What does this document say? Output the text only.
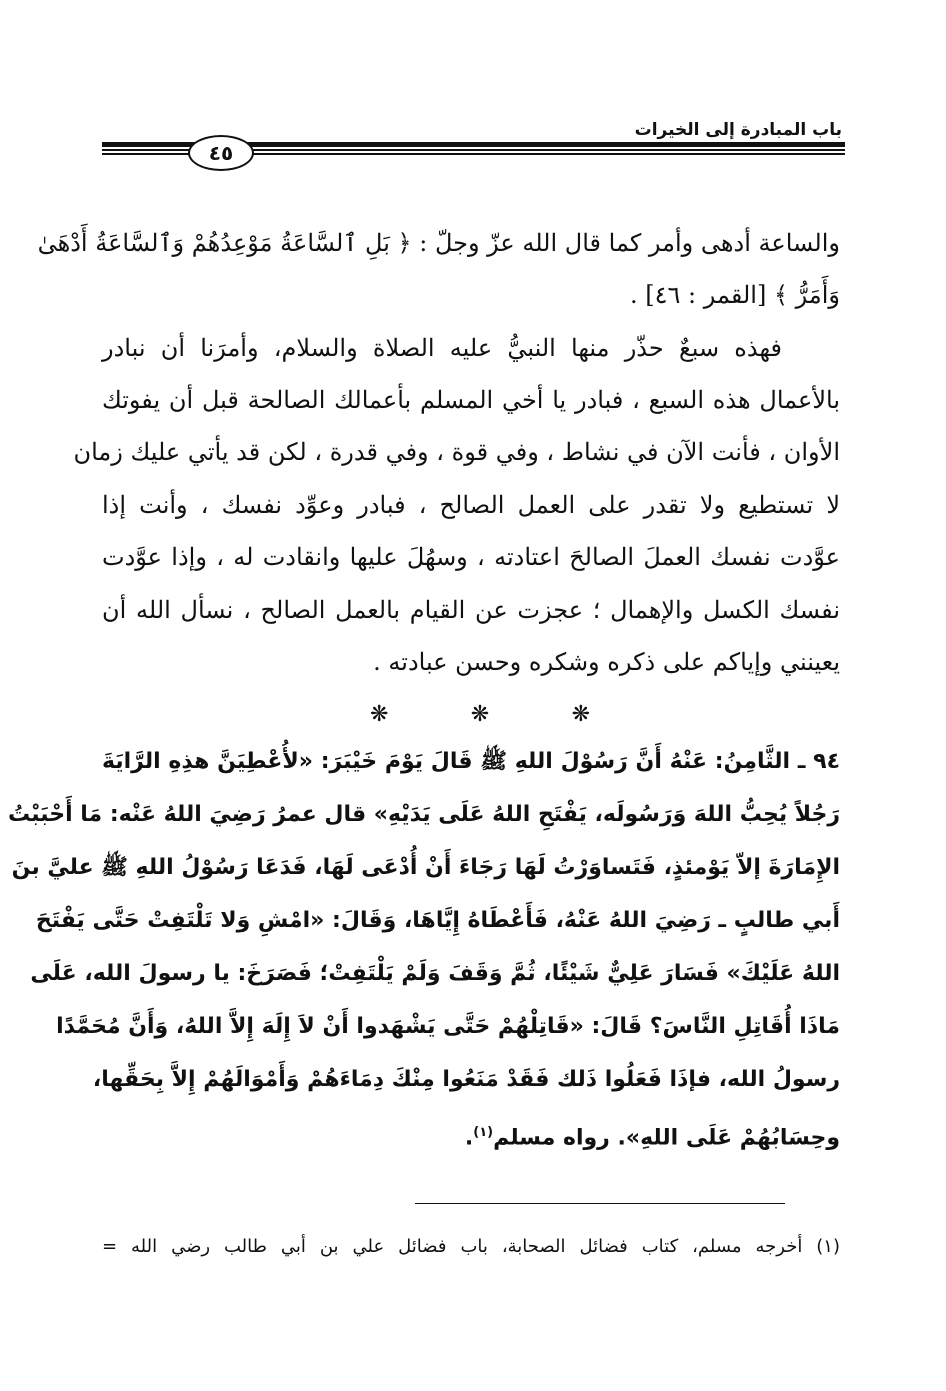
باب المبادرة إلى الخيرات
٤٥
والساعة أدهى وأمر كما قال الله عزّ وجلّ : ﴿ بَلِ ٱلسَّاعَةُ مَوْعِدُهُمْ وَٱلسَّاعَةُ أَدْهَىٰ
وَأَمَرُّ ﴾ [القمر : ٤٦] .
فهذه سبعٌ حذّر منها النبيُّ عليه الصلاة والسلام، وأمرَنا أن نبادر
بالأعمال هذه السبع ، فبادر يا أخي المسلم بأعمالك الصالحة قبل أن يفوتك
الأوان ، فأنت الآن في نشاط ، وفي قوة ، وفي قدرة ، لكن قد يأتي عليك زمان
لا تستطيع ولا تقدر على العمل الصالح ، فبادر وعوِّد نفسك ، وأنت إذا
عوَّدت نفسك العملَ الصالحَ اعتادته ، وسهُلَ عليها وانقادت له ، وإذا عوَّدت
نفسك الكسل والإهمال ؛ عجزت عن القيام بالعمل الصالح ، نسأل الله أن
يعينني وإياكم على ذكره وشكره وحسن عبادته .
❋	❋	❋
٩٤ ـ الثَّامِنُ: عَنْهُ أَنَّ رَسُوْلَ اللهِ ﷺ قَالَ يَوْمَ خَيْبَرَ: «لأُعْطِيَنَّ هذِهِ الرَّايَةَ
رَجُلاً يُحِبُّ اللهَ وَرَسُولَه، يَفْتَحِ اللهُ عَلَى يَدَيْهِ» قال عمرُ رَضِيَ اللهُ عَنْه: مَا أَحْبَبْتُ
الإِمَارَةَ إلاّ يَوْمئذٍ، فَتَساوَرْتُ لَهَا رَجَاءَ أَنْ أُدْعَى لَهَا، فَدَعَا رَسُوْلُ اللهِ ﷺ عليَّ بنَ
أَبي طالبٍ ـ رَضِيَ اللهُ عَنْهُ، فَأَعْطَاهُ إِيَّاهَا، وَقَالَ: «امْشِ وَلا تَلْتَفِتْ حَتَّى يَفْتَحَ
اللهُ عَلَيْكَ» فَسَارَ عَلِيٌّ شَيْئًا، ثُمَّ وَقَفَ وَلَمْ يَلْتَفِتْ؛ فَصَرَخَ: يا رسولَ الله، عَلَى
مَاذَا أُقَاتِلِ النَّاسَ؟ قَالَ: «قَاتِلْهُمْ حَتَّى يَشْهَدوا أَنْ لاَ إِلَهَ إِلاَّ اللهُ، وَأَنَّ مُحَمَّدًا
رسولُ الله، فإذَا فَعَلُوا ذَلك فَقَدْ مَنَعُوا مِنْكَ دِمَاءَهُمْ وَأَمْوَالَهُمْ إِلاَّ بِحَقِّها،
وحِسَابُهُمْ عَلَى اللهِ». رواه مسلم$^{(١)}$.
(١) أخرجه مسلم، كتاب فضائل الصحابة، باب فضائل علي بن أبي طالب رضي الله =
